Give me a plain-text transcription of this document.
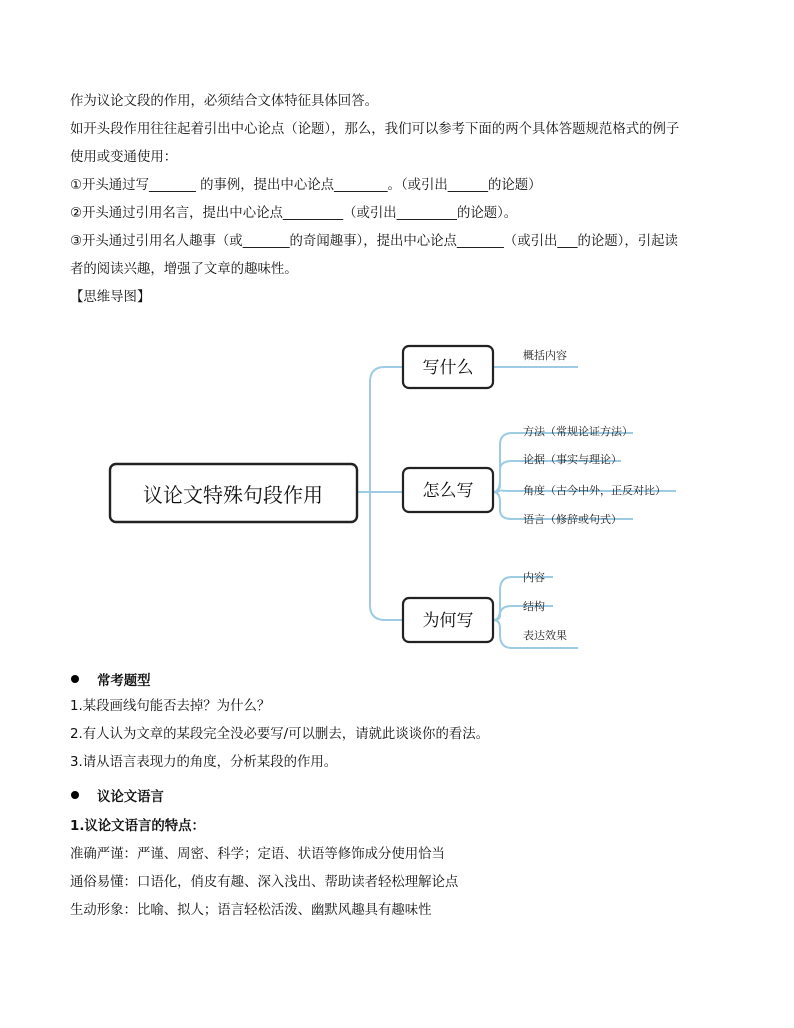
作为议论文段的作用，必须结合文体特征具体回答。
如开头段作用往往起着引出中心论点（论题），那么，我们可以参考下面的两个具体答题规范格式的例子
使用或变通使用：
①开头通过写_______ 的事例，提出中心论点________。（或引出______的论题）
②开头通过引用名言，提出中心论点_________（或引出_________的论题）。
③开头通过引用名人趣事（或_______的奇闻趣事），提出中心论点_______（或引出___的论题），引起读
者的阅读兴趣，增强了文章的趣味性。
【思维导图】
议论文特殊句段作用
写什么
怎么写
为何写
概括内容
方法（常规论证方法）
论据（事实与理论）
角度（古今中外，正反对比）
语言（修辞或句式）
内容
结构
表达效果
常考题型
1.某段画线句能否去掉？为什么？
2.有人认为文章的某段完全没必要写/可以删去，请就此谈谈你的看法。
3.请从语言表现力的角度，分析某段的作用。
议论文语言
1.议论文语言的特点：
准确严谨：严谨、周密、科学；定语、状语等修饰成分使用恰当
通俗易懂：口语化，俏皮有趣、深入浅出、帮助读者轻松理解论点
生动形象：比喻、拟人；语言轻松活泼、幽默风趣具有趣味性
